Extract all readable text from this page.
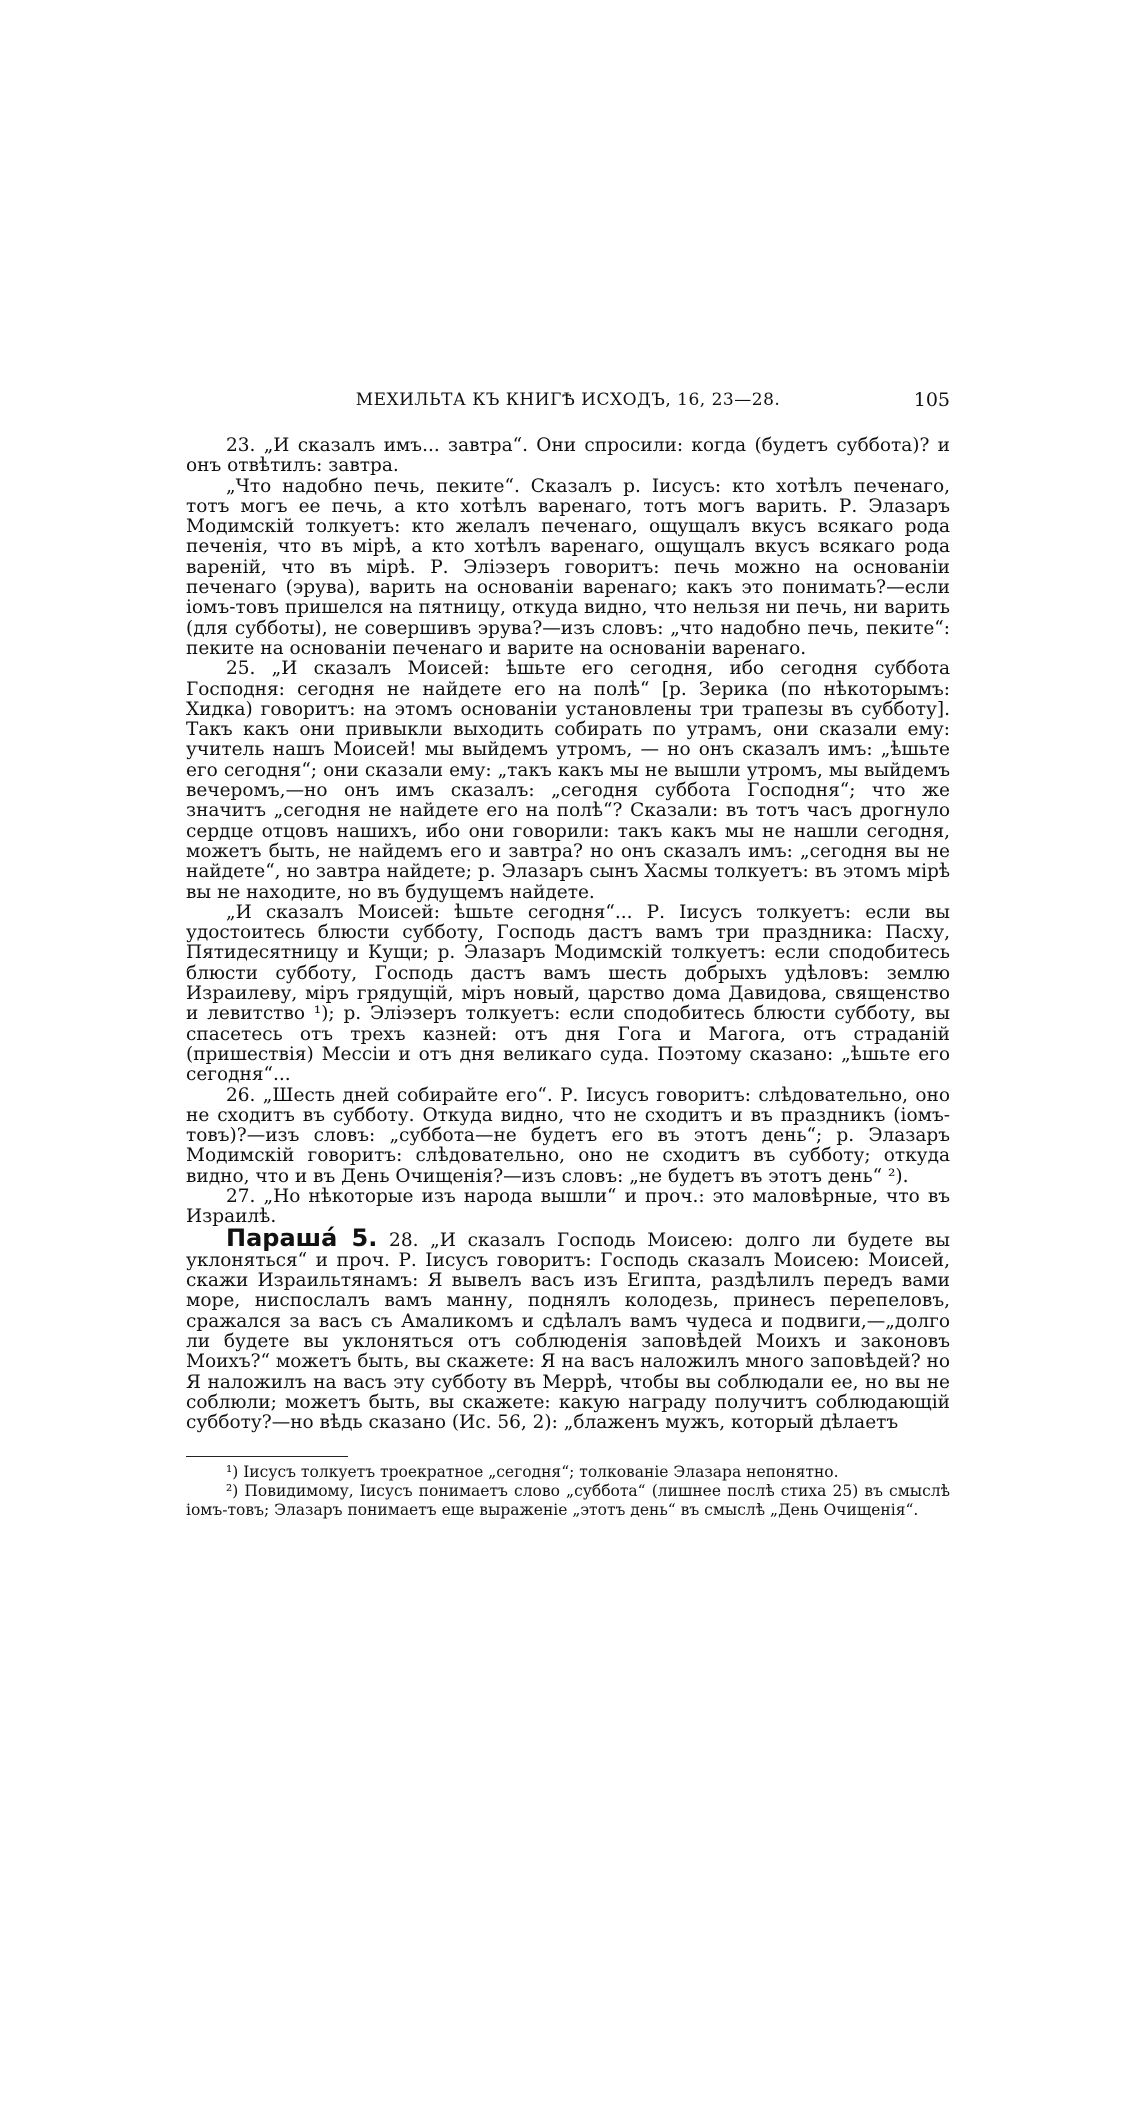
МЕХИЛЬТА КЪ КНИГѢ ИСХОДЪ, 16, 23—28.	105

23. „И сказалъ имъ... завтра“. Они спросили: когда (будетъ суббота)? и онъ отвѣтилъ: завтра.

„Что надобно печь, пеките“. Сказалъ р. Іисусъ: кто хотѣлъ печенаго, тотъ могъ ее печь, а кто хотѣлъ варенаго, тотъ могъ варить. Р. Элазаръ Модимскій толкуетъ: кто желалъ печенаго, ощущалъ вкусъ всякаго рода печенія, что въ мірѣ, а кто хотѣлъ варенаго, ощущалъ вкусъ всякаго рода вареній, что въ мірѣ. Р. Эліэзеръ говоритъ: печь можно на основаніи печенаго (эрува), варить на основаніи варенаго; какъ это понимать?—если іомъ-товъ пришелся на пятницу, откуда видно, что нельзя ни печь, ни варить (для субботы), не совершивъ эрува?—изъ словъ: „что надобно печь, пеките“: пеките на основаніи печенаго и варите на основаніи варенаго.

25. „И сказалъ Моисей: ѣшьте его сегодня, ибо сегодня суббота Господня: сегодня не найдете его на полѣ“ [р. Зерика (по нѣкоторымъ: Хидка) говоритъ: на этомъ основаніи установлены три трапезы въ субботу]. Такъ какъ они привыкли выходить собирать по утрамъ, они сказали ему: учитель нашъ Моисей! мы выйдемъ утромъ, — но онъ сказалъ имъ: „ѣшьте его сегодня“; они сказали ему: „такъ какъ мы не вышли утромъ, мы выйдемъ вечеромъ,—но онъ имъ сказалъ: „сегодня суббота Господня“; что же значитъ „сегодня не найдете его на полѣ“? Сказали: въ тотъ часъ дрогнуло сердце отцовъ нашихъ, ибо они говорили: такъ какъ мы не нашли сегодня, можетъ быть, не найдемъ его и завтра? но онъ сказалъ имъ: „сегодня вы не найдете“, но завтра найдете; р. Элазаръ сынъ Хасмы толкуетъ: въ этомъ мірѣ вы не находите, но въ будущемъ найдете.

„И сказалъ Моисей: ѣшьте сегодня“... Р. Іисусъ толкуетъ: если вы удостоитесь блюсти субботу, Господь дастъ вамъ три праздника: Пасху, Пятидесятницу и Кущи; р. Элазаръ Модимскій толкуетъ: если сподобитесь блюсти субботу, Господь дастъ вамъ шесть добрыхъ удѣловъ: землю Израилеву, міръ грядущій, міръ новый, царство дома Давидова, священство и левитство ¹); р. Эліэзеръ толкуетъ: если сподобитесь блюсти субботу, вы спасетесь отъ трехъ казней: отъ дня Гога и Магога, отъ страданій (пришествія) Мессіи и отъ дня великаго суда. Поэтому сказано: „ѣшьте его сегодня“...

26. „Шесть дней собирайте его“. Р. Іисусъ говоритъ: слѣдовательно, оно не сходитъ въ субботу. Откуда видно, что не сходитъ и въ праздникъ (іомъ-товъ)?—изъ словъ: „суббота—не будетъ его въ этотъ день“; р. Элазаръ Модимскій говоритъ: слѣдовательно, оно не сходитъ въ субботу; откуда видно, что и въ День Очищенія?—изъ словъ: „не будетъ въ этотъ день“ ²).

27. „Но нѣкоторые изъ народа вышли“ и проч.: это маловѣрные, что въ Израилѣ.

Параша́ 5. 28. „И сказалъ Господь Моисею: долго ли будете вы уклоняться“ и проч. Р. Іисусъ говоритъ: Господь сказалъ Моисею: Моисей, скажи Израильтянамъ: Я вывелъ васъ изъ Египта, раздѣлилъ передъ вами море, ниспослалъ вамъ манну, поднялъ колодезь, принесъ перепеловъ, сражался за васъ съ Амаликомъ и сдѣлалъ вамъ чудеса и подвиги,—„долго ли будете вы уклоняться отъ соблюденія заповѣдей Моихъ и законовъ Моихъ?“ можетъ быть, вы скажете: Я на васъ наложилъ много заповѣдей? но Я наложилъ на васъ эту субботу въ Меррѣ, чтобы вы соблюдали ее, но вы не соблюли; можетъ быть, вы скажете: какую награду получитъ соблюдающій субботу?—но вѣдь сказано (Ис. 56, 2): „блаженъ мужъ, который дѣлаетъ

¹) Іисусъ толкуетъ троекратное „сегодня“; толкованіе Элазара непонятно.

²) Повидимому, Іисусъ понимаетъ слово „суббота“ (лишнее послѣ стиха 25) въ смыслѣ іомъ-товъ; Элазаръ понимаетъ еще выраженіе „этотъ день“ въ смыслѣ „День Очищенія“.
